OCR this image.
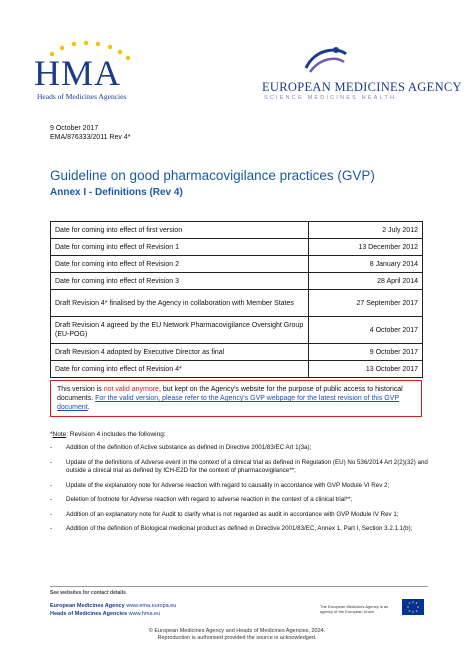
HMA
Heads of Medicines Agencies
EUROPEAN MEDICINES AGENCY
SCIENCE MEDICINES HEALTH
9 October 2017
EMA/876333/2011 Rev 4*
Guideline on good pharmacovigilance practices (GVP)
Annex I - Definitions (Rev 4)
Date for coming into effect of first version	2 July 2012
Date for coming into effect of Revision 1	13 December 2012
Date for coming into effect of Revision 2	8 January 2014
Date for coming into effect of Revision 3	28 April 2014
Draft Revision 4* finalised by the Agency in collaboration with Member States	27 September 2017
Draft Revision 4 agreed by the EU Network Pharmacovigilance Oversight Group (EU-POG)	4 October 2017
Draft Revision 4 adopted by Executive Director as final	9 October 2017
Date for coming into effect of Revision 4*	13 October 2017
This version is not valid anymore, but kept on the Agency's website for the purpose of public access to historical documents. For the valid version, please refer to the Agency's GVP webpage for the latest revision of this GVP document.
*Note: Revision 4 includes the following:
-	Addition of the definition of Active substance as defined in Directive 2001/83/EC Art 1(3a);
-	Update of the definitions of Adverse event in the context of a clinical trial as defined in Regulation (EU) No 536/2014 Art 2(2)(32) and outside a clinical trial as defined by ICH-E2D for the context of pharmacovigilance**;
-	Update of the explanatory note for Adverse reaction with regard to causality in accordance with GVP Module VI Rev 2;
-	Deletion of footnote for Adverse reaction with regard to adverse reaction in the context of a clinical trial**;
-	Addition of an explanatory note for Audit to clarify what is not regarded as audit in accordance with GVP Module IV Rev 1;
-	Addition of the definition of Biological medicinal product as defined in Directive 2001/83/EC, Annex 1, Part I, Section 3.2.1.1(b);
See websites for contact details
European Medicines Agency www.ema.europa.eu
Heads of Medicines Agencies www.hma.eu
The European Medicines Agency is an agency of the European Union
© European Medicines Agency and Heads of Medicines Agencies, 2024.
Reproduction is authorised provided the source is acknowledged.
